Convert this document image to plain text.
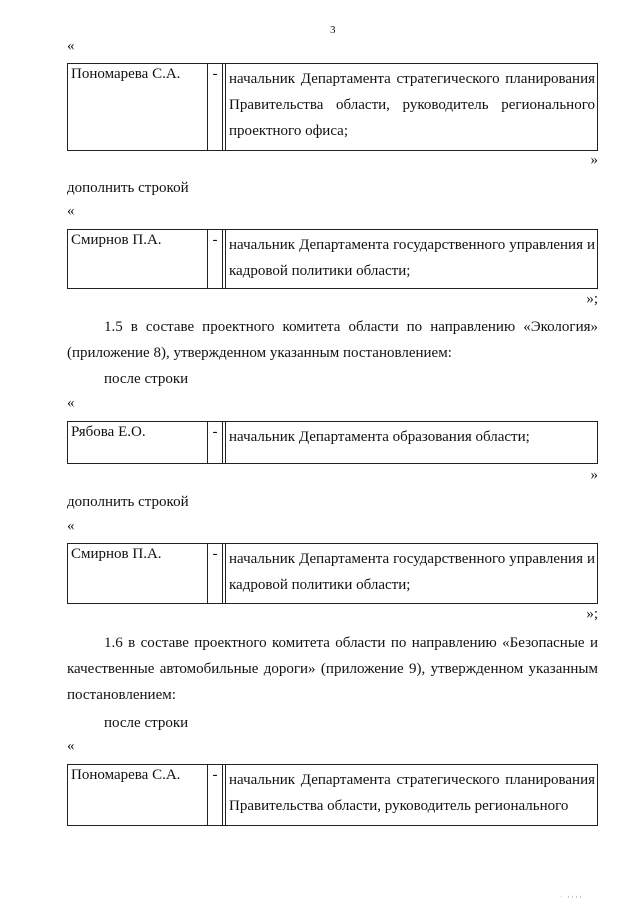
3
«
Пономарева С.А.	- начальник Департамента стратегического планирования Правительства области, руководитель регионального проектного офиса;
»
дополнить строкой
«
Смирнов П.А.	- начальник Департамента государственного управления и кадровой политики области;
»;
1.5 в составе проектного комитета области по направлению «Экология» (приложение 8), утвержденном указанным постановлением:
после строки
«
Рябова Е.О.	- начальник Департамента образования области;
»
дополнить строкой
«
Смирнов П.А.	- начальник Департамента государственного управления и кадровой политики области;
»;
1.6 в составе проектного комитета области по направлению «Безопасные и качественные автомобильные дороги» (приложение 9), утвержденном указанным постановлением:
после строки
«
Пономарева С.А.	- начальник Департамента стратегического планирования Правительства области, руководитель регионального
· ‹‹‹›
